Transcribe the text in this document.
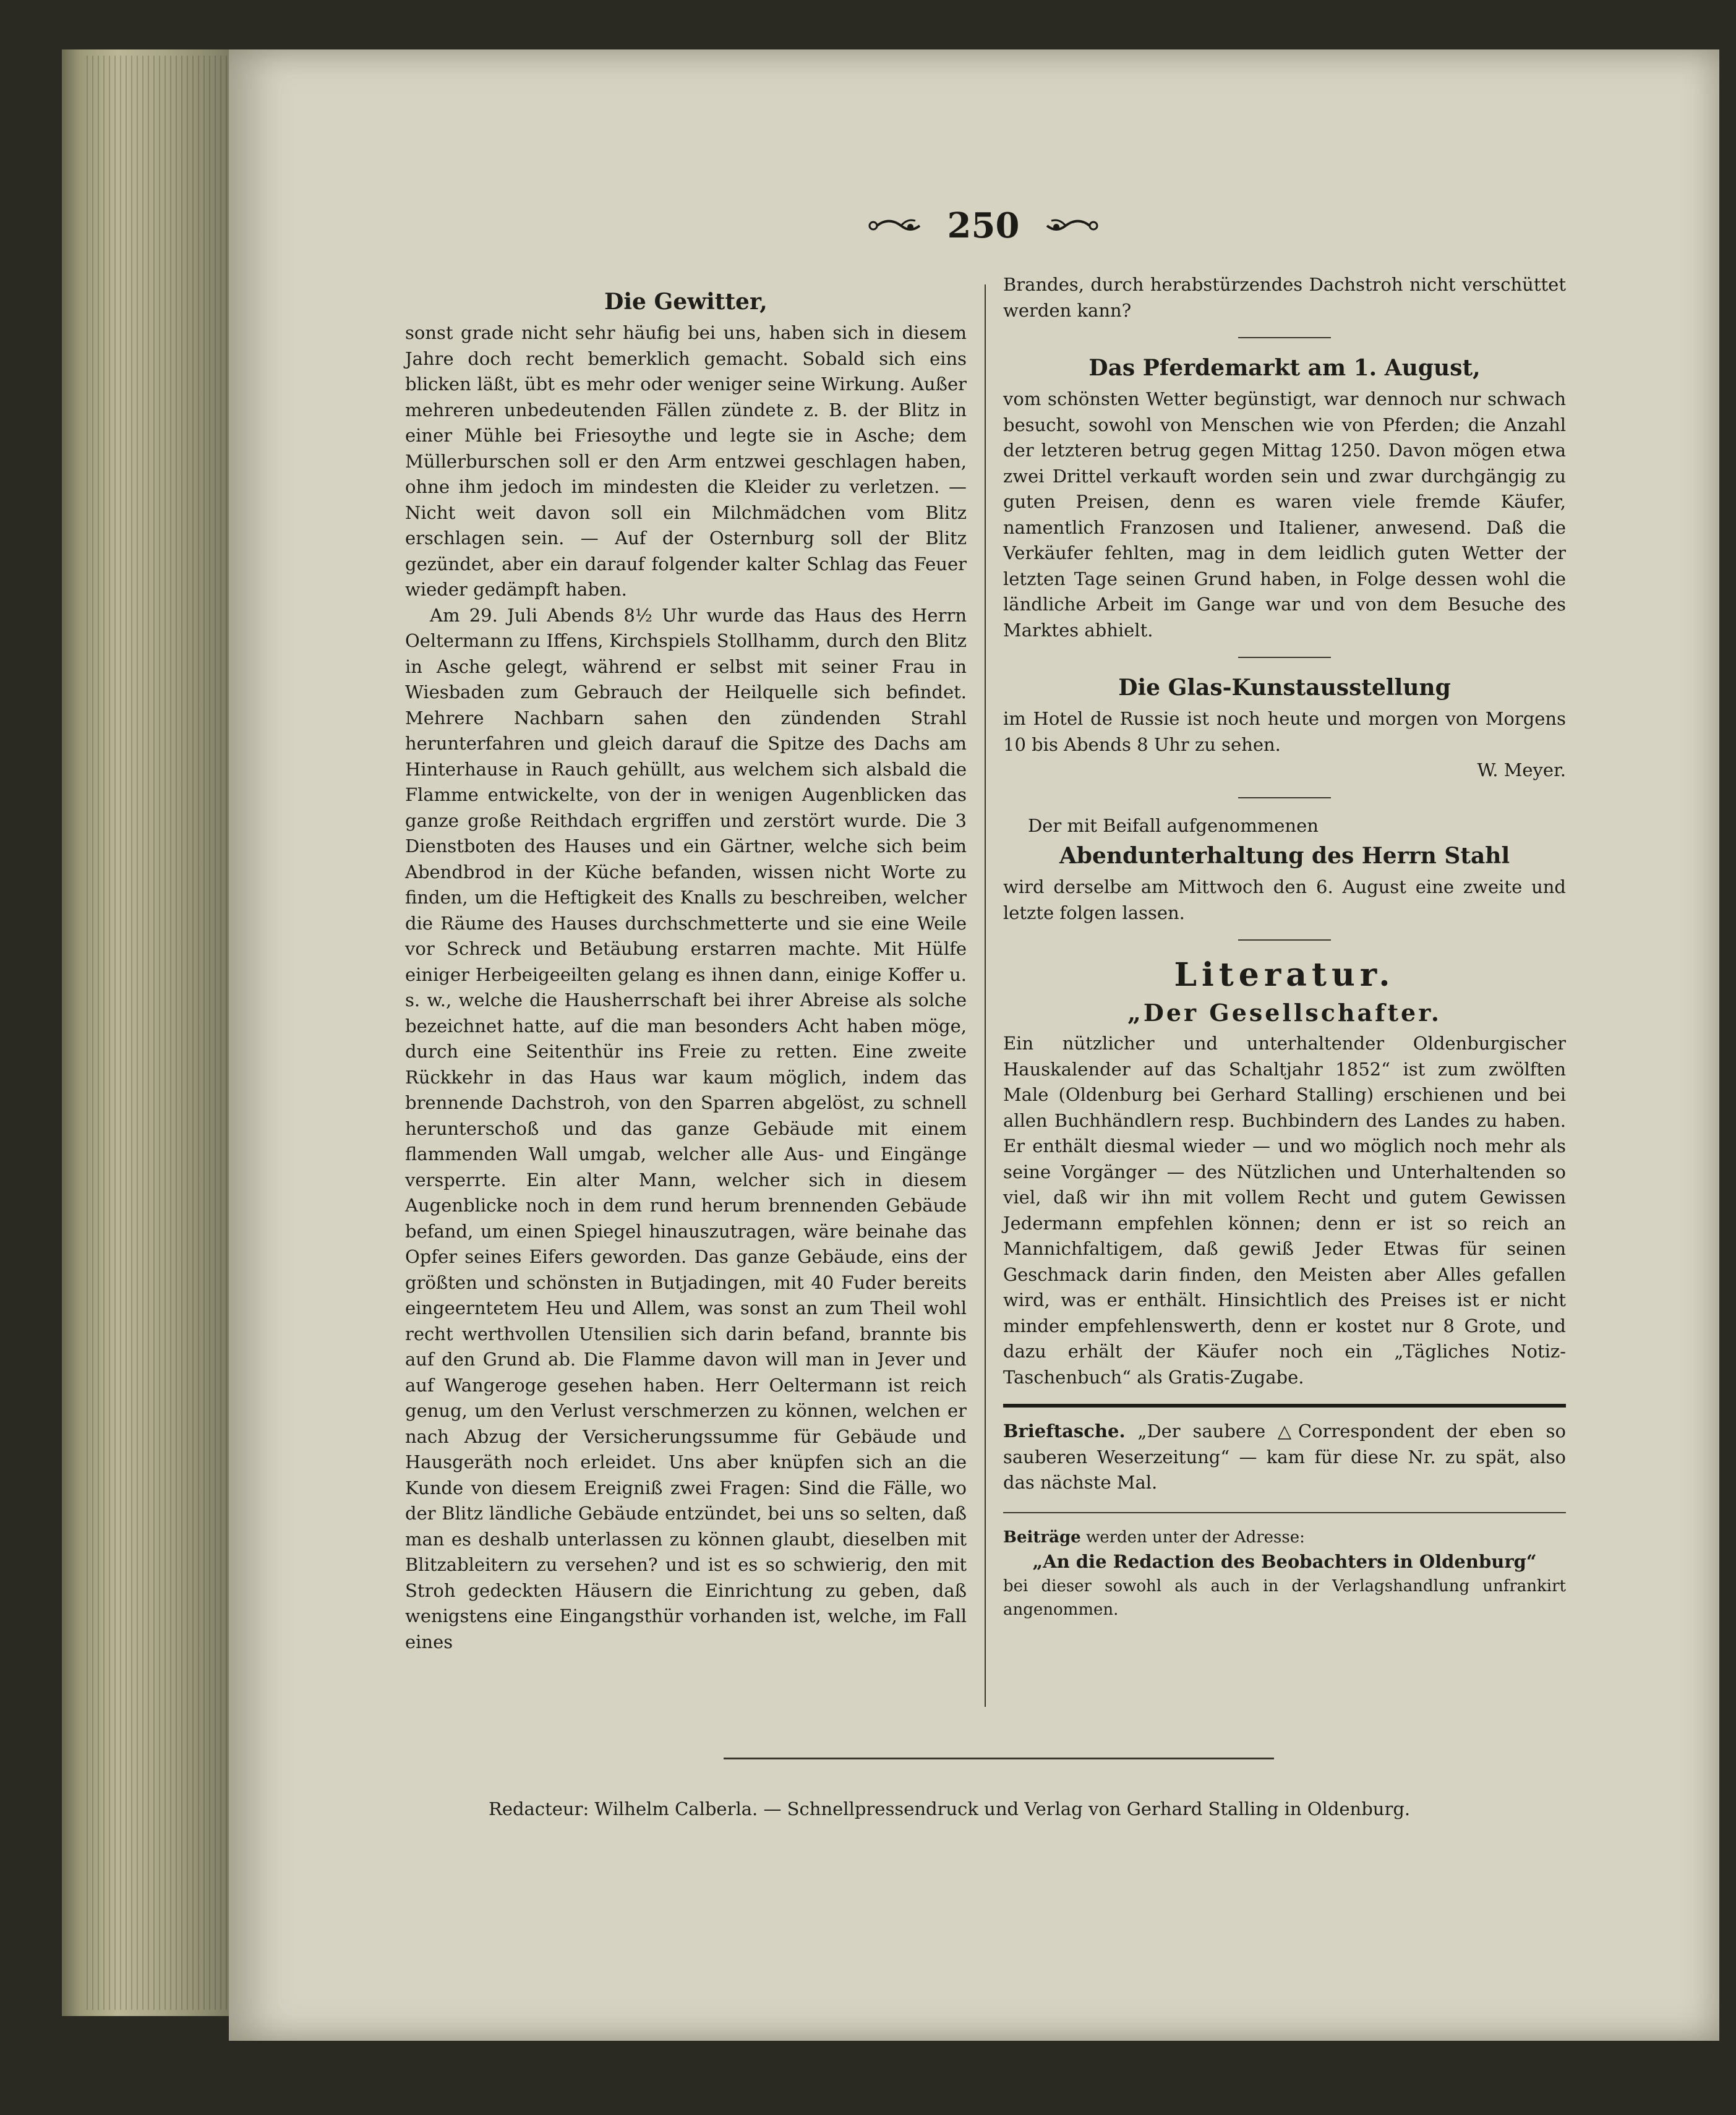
250
Die Gewitter,

sonst grade nicht sehr häufig bei uns, haben sich in diesem Jahre doch recht bemerklich gemacht. Sobald sich eins blicken läßt, übt es mehr oder weniger seine Wirkung. Außer mehreren unbedeutenden Fällen zündete z. B. der Blitz in einer Mühle bei Friesoythe und legte sie in Asche; dem Müllerburschen soll er den Arm entzwei geschlagen haben, ohne ihm jedoch im mindesten die Kleider zu verletzen. — Nicht weit davon soll ein Milchmädchen vom Blitz erschlagen sein. — Auf der Osternburg soll der Blitz gezündet, aber ein darauf folgender kalter Schlag das Feuer wieder gedämpft haben.

Am 29. Juli Abends 8½ Uhr wurde das Haus des Herrn Oeltermann zu Iffens, Kirchspiels Stollhamm, durch den Blitz in Asche gelegt, während er selbst mit seiner Frau in Wiesbaden zum Gebrauch der Heilquelle sich befindet. Mehrere Nachbarn sahen den zündenden Strahl herunterfahren und gleich darauf die Spitze des Dachs am Hinterhause in Rauch gehüllt, aus welchem sich alsbald die Flamme entwickelte, von der in wenigen Augenblicken das ganze große Reithdach ergriffen und zerstört wurde. Die 3 Dienstboten des Hauses und ein Gärtner, welche sich beim Abendbrod in der Küche befanden, wissen nicht Worte zu finden, um die Heftigkeit des Knalls zu beschreiben, welcher die Räume des Hauses durchschmetterte und sie eine Weile vor Schreck und Betäubung erstarren machte. Mit Hülfe einiger Herbeigeeilten gelang es ihnen dann, einige Koffer u. s. w., welche die Hausherrschaft bei ihrer Abreise als solche bezeichnet hatte, auf die man besonders Acht haben möge, durch eine Seitenthür ins Freie zu retten. Eine zweite Rückkehr in das Haus war kaum möglich, indem das brennende Dachstroh, von den Sparren abgelöst, zu schnell herunterschoß und das ganze Gebäude mit einem flammenden Wall umgab, welcher alle Aus- und Eingänge versperrte. Ein alter Mann, welcher sich in diesem Augenblicke noch in dem rund herum brennenden Gebäude befand, um einen Spiegel hinauszutragen, wäre beinahe das Opfer seines Eifers geworden. Das ganze Gebäude, eins der größten und schönsten in Butjadingen, mit 40 Fuder bereits eingeerntetem Heu und Allem, was sonst an zum Theil wohl recht werthvollen Utensilien sich darin befand, brannte bis auf den Grund ab. Die Flamme davon will man in Jever und auf Wangeroge gesehen haben. Herr Oeltermann ist reich genug, um den Verlust verschmerzen zu können, welchen er nach Abzug der Versicherungssumme für Gebäude und Hausgeräth noch erleidet. Uns aber knüpfen sich an die Kunde von diesem Ereigniß zwei Fragen: Sind die Fälle, wo der Blitz ländliche Gebäude entzündet, bei uns so selten, daß man es deshalb unterlassen zu können glaubt, dieselben mit Blitzableitern zu versehen? und ist es so schwierig, den mit Stroh gedeckten Häusern die Einrichtung zu geben, daß wenigstens eine Eingangsthür vorhanden ist, welche, im Fall eines

Brandes, durch herabstürzendes Dachstroh nicht verschüttet werden kann?

Das Pferdemarkt am 1. August,

vom schönsten Wetter begünstigt, war dennoch nur schwach besucht, sowohl von Menschen wie von Pferden; die Anzahl der letzteren betrug gegen Mittag 1250. Davon mögen etwa zwei Drittel verkauft worden sein und zwar durchgängig zu guten Preisen, denn es waren viele fremde Käufer, namentlich Franzosen und Italiener, anwesend. Daß die Verkäufer fehlten, mag in dem leidlich guten Wetter der letzten Tage seinen Grund haben, in Folge dessen wohl die ländliche Arbeit im Gange war und von dem Besuche des Marktes abhielt.

Die Glas-Kunstausstellung

im Hotel de Russie ist noch heute und morgen von Morgens 10 bis Abends 8 Uhr zu sehen.

W. Meyer.

Der mit Beifall aufgenommenen

Abendunterhaltung des Herrn Stahl

wird derselbe am Mittwoch den 6. August eine zweite und letzte folgen lassen.

Literatur.
„Der Gesellschafter.

Ein nützlicher und unterhaltender Oldenburgischer Hauskalender auf das Schaltjahr 1852“ ist zum zwölften Male (Oldenburg bei Gerhard Stalling) erschienen und bei allen Buchhändlern resp. Buchbindern des Landes zu haben. Er enthält diesmal wieder — und wo möglich noch mehr als seine Vorgänger — des Nützlichen und Unterhaltenden so viel, daß wir ihn mit vollem Recht und gutem Gewissen Jedermann empfehlen können; denn er ist so reich an Mannichfaltigem, daß gewiß Jeder Etwas für seinen Geschmack darin finden, den Meisten aber Alles gefallen wird, was er enthält. Hinsichtlich des Preises ist er nicht minder empfehlenswerth, denn er kostet nur 8 Grote, und dazu erhält der Käufer noch ein „Tägliches Notiz-Taschenbuch“ als Gratis-Zugabe.

Brieftasche. „Der saubere △Correspondent der eben so sauberen Weserzeitung“ — kam für diese Nr. zu spät, also das nächste Mal.

Beiträge werden unter der Adresse:

„An die Redaction des Beobachters in Oldenburg“

bei dieser sowohl als auch in der Verlagshandlung unfrankirt angenommen.

Redacteur: Wilhelm Calberla. — Schnellpressendruck und Verlag von Gerhard Stalling in Oldenburg.
